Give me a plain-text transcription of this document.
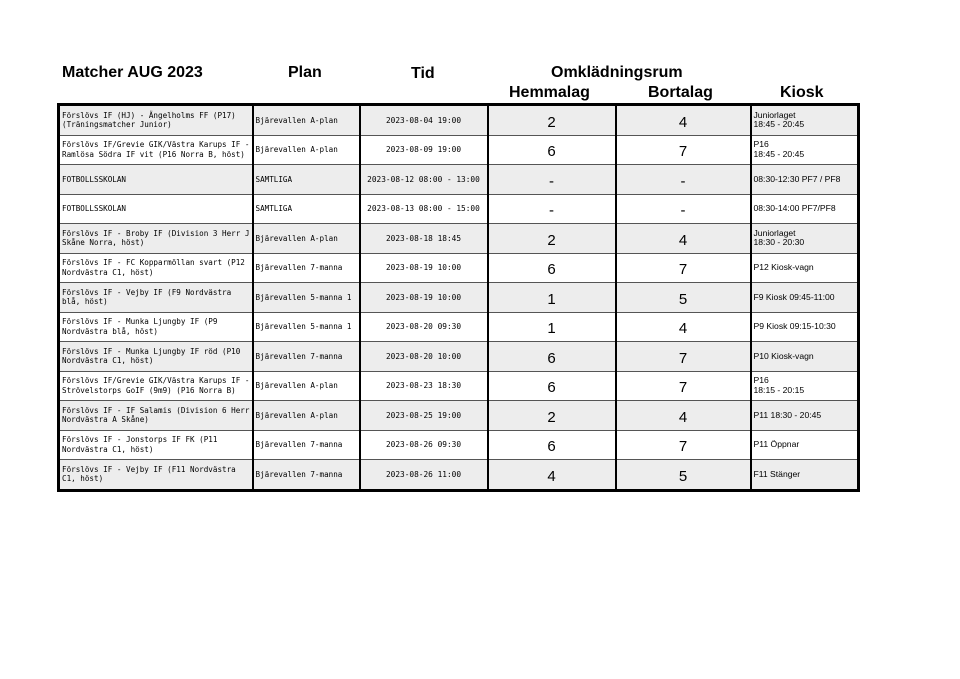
Matcher AUG 2023	Plan	Tid	Omklädningsrum
Hemmalag	Bortalag	Kiosk
Förslövs IF (HJ) - Ängelholms FF (P17) (Träningsmatcher Junior)	Bjärevallen A-plan	2023-08-04 19:00	2	4	Juniorlaget
18:45 - 20:45

Förslövs IF/Grevie GIK/Västra Karups IF - Ramlösa Södra IF vit (P16 Norra B, höst)	Bjärevallen A-plan	2023-08-09 19:00	6	7	P16
18:45 - 20:45

FOTBOLLSSKOLAN	SAMTLIGA	2023-08-12 08:00 - 13:00	-	-	08:30-12:30 PF7 / PF8

FOTBOLLSSKOLAN	SAMTLIGA	2023-08-13 08:00 - 15:00	-	-	08:30-14:00 PF7/PF8

Förslövs IF - Broby IF (Division 3 Herr J Skåne Norra, höst)	Bjärevallen A-plan	2023-08-18 18:45	2	4	Juniorlaget
18:30 - 20:30

Förslövs IF - FC Kopparmöllan svart (P12 Nordvästra C1, höst)	Bjärevallen 7-manna	2023-08-19 10:00	6	7	P12 Kiosk-vagn

Förslövs IF - Vejby IF (F9 Nordvästra blå, höst)	Bjärevallen 5-manna 1	2023-08-19 10:00	1	5	F9 Kiosk 09:45-11:00

Förslövs IF - Munka Ljungby IF (P9 Nordvästra blå, höst)	Bjärevallen 5-manna 1	2023-08-20 09:30	1	4	P9 Kiosk 09:15-10:30

Förslövs IF - Munka Ljungby IF röd (P10 Nordvästra C1, höst)	Bjärevallen 7-manna	2023-08-20 10:00	6	7	P10 Kiosk-vagn

Förslövs IF/Grevie GIK/Västra Karups IF - Strövelstorps GoIF (9m9) (P16 Norra B)	Bjärevallen A-plan	2023-08-23 18:30	6	7	P16
18:15 - 20:15

Förslövs IF - IF Salamis (Division 6 Herr Nordvästra A Skåne)	Bjärevallen A-plan	2023-08-25 19:00	2	4	P11 18:30 - 20:45

Förslövs IF - Jonstorps IF FK (P11 Nordvästra C1, höst)	Bjärevallen 7-manna	2023-08-26 09:30	6	7	P11 Öppnar

Förslövs IF - Vejby IF (F11 Nordvästra C1, höst)	Bjärevallen 7-manna	2023-08-26 11:00	4	5	F11 Stänger
